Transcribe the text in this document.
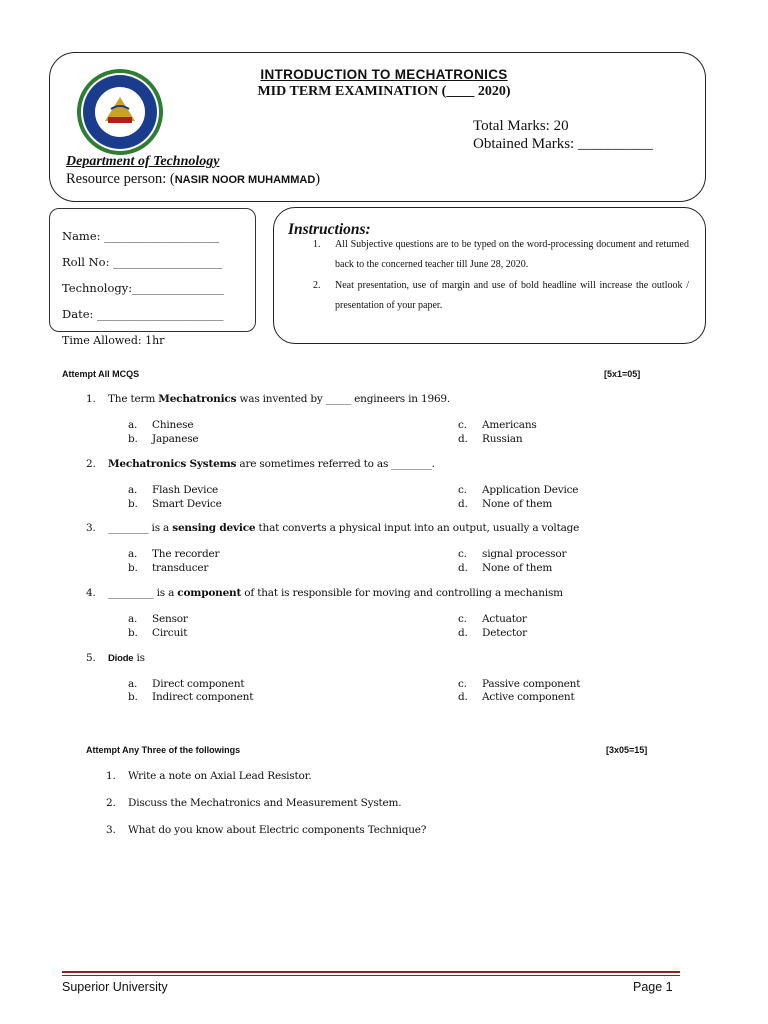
INTRODUCTION TO MECHATRONICS
MID TERM EXAMINATION (____ 2020)
Total Marks: 20
Obtained Marks: __________
Department of Technology
Resource person: (NASIR NOOR MUHAMMAD)
Name: ____________________
Roll No: ___________________
Technology:________________
Date: ______________________
Time Allowed: 1hr
Instructions:
1. All Subjective questions are to be typed on the word-processing document and returned back to the concerned teacher till June 28, 2020.
2. Neat presentation, use of margin and use of bold headline will increase the outlook / presentation of your paper.
Attempt All MCQS	[5x1=05]
1. The term Mechatronics was invented by _____ engineers in 1969.
a. Chinese
b. Japanese
c. Americans
d. Russian
2. Mechatronics Systems are sometimes referred to as ________.
a. Flash Device
b. Smart Device
c. Application Device
d. None of them
3. ________ is a sensing device that converts a physical input into an output, usually a voltage
a. The recorder
b. transducer
c. signal processor
d. None of them
4. _________ is a component of that is responsible for moving and controlling a mechanism
a. Sensor
b. Circuit
c. Actuator
d. Detector
5. Diode is
a. Direct component
b. Indirect component
c. Passive component
d. Active component
Attempt Any Three of the followings	[3x05=15]
1. Write a note on Axial Lead Resistor.
2. Discuss the Mechatronics and Measurement System.
3. What do you know about Electric components Technique?
Superior University	Page 1
